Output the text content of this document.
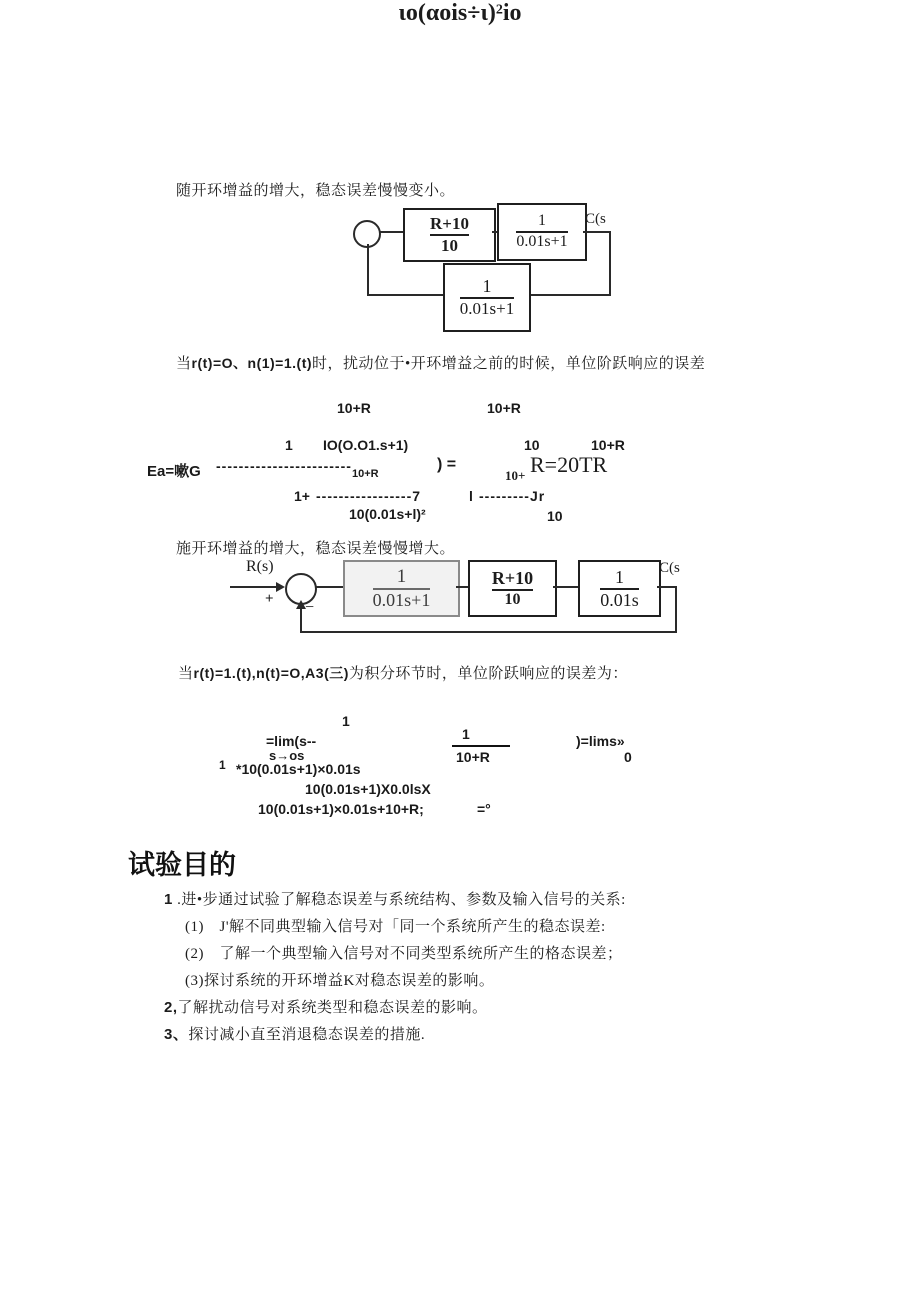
$\iota o(\alpha ois\div\iota)^2io$
随开环增益的增大，稳态误差慢慢变小。
$\frac{R+10}{10}$	$\frac{1}{0.01s+1} C(s$
$\frac{1}{0.01s+1}$
当r(t)=O、n(1)=1.(t)时，扰动位于•开环增益之前的时候，单位阶跃响应的误差
10+R	10+R
1 IO(O.O1.s+1)	10	10+R
Ea=嗽G ------------------------ 10+R
) =
10+ R=20TR
1+ -----------------7	l ---------Jr
10(0.01s+l)²	10
施开环增益的增大，稳态误差慢慢增大。
R(s)
+ −	$\frac{1}{0.01s+1}$	$\frac{R+10}{10}$	$\frac{1}{0.01s} C(s$
当r(t)=1.(t),n(t)=O,A3(三)为积分环节时，单位阶跃响应的误差为：
1
=lim(s--
s→os
1
10+R
)=lims»
0
1 *10(0.01s+1)×0.01s
10(0.01s+1)X0.0lsX
10(0.01s+1)×0.01s+10+R;	=°
试验目的
1 .进•步通过试验了解稳态误差与系统结构、参数及输入信号的关系:
(1)　J'解不同典型输入信号对「同一个系统所产生的稳态误差:
(2)　了解一个典型输入信号对不同类型系统所产生的格态误差；
(3)探讨系统的开环增益K对稳态误差的影响。
2,了解扰动信号对系统类型和稳态误差的影响。
3、探讨减小直至消退稳态误差的措施.
